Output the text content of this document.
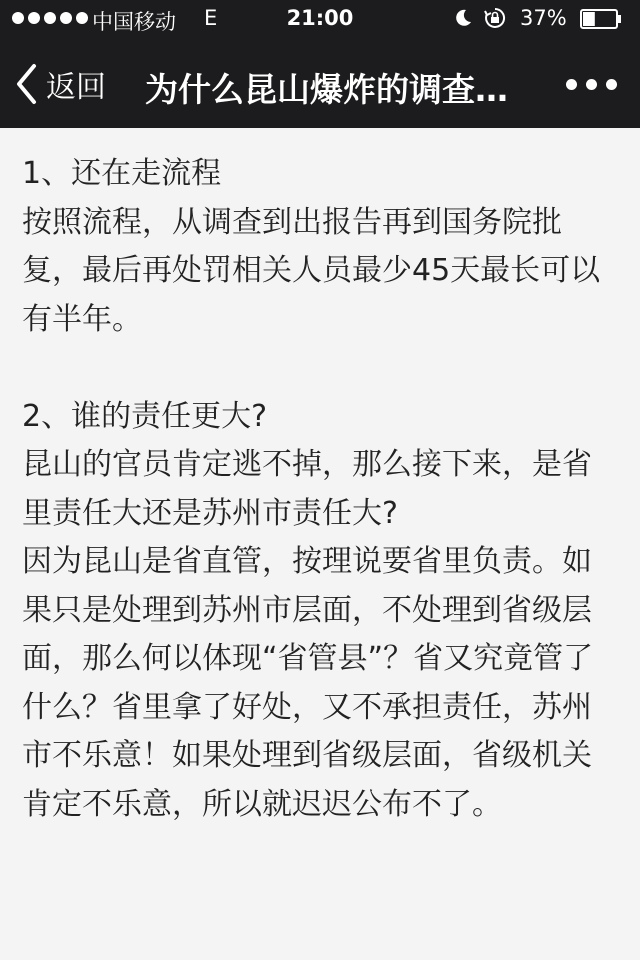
中国移动 E	21:00	37%
返回 为什么昆山爆炸的调查…

1、还在走流程

按照流程，从调查到出报告再到国务院批复，最后再处罚相关人员最少45天最长可以有半年。

2、谁的责任更大?

昆山的官员肯定逃不掉，那么接下来，是省里责任大还是苏州市责任大?

因为昆山是省直管，按理说要省里负责。如果只是处理到苏州市层面，不处理到省级层面，那么何以体现“省管县”？省又究竟管了什么？省里拿了好处，又不承担责任，苏州市不乐意！如果处理到省级层面，省级机关肯定不乐意，所以就迟迟公布不了。
